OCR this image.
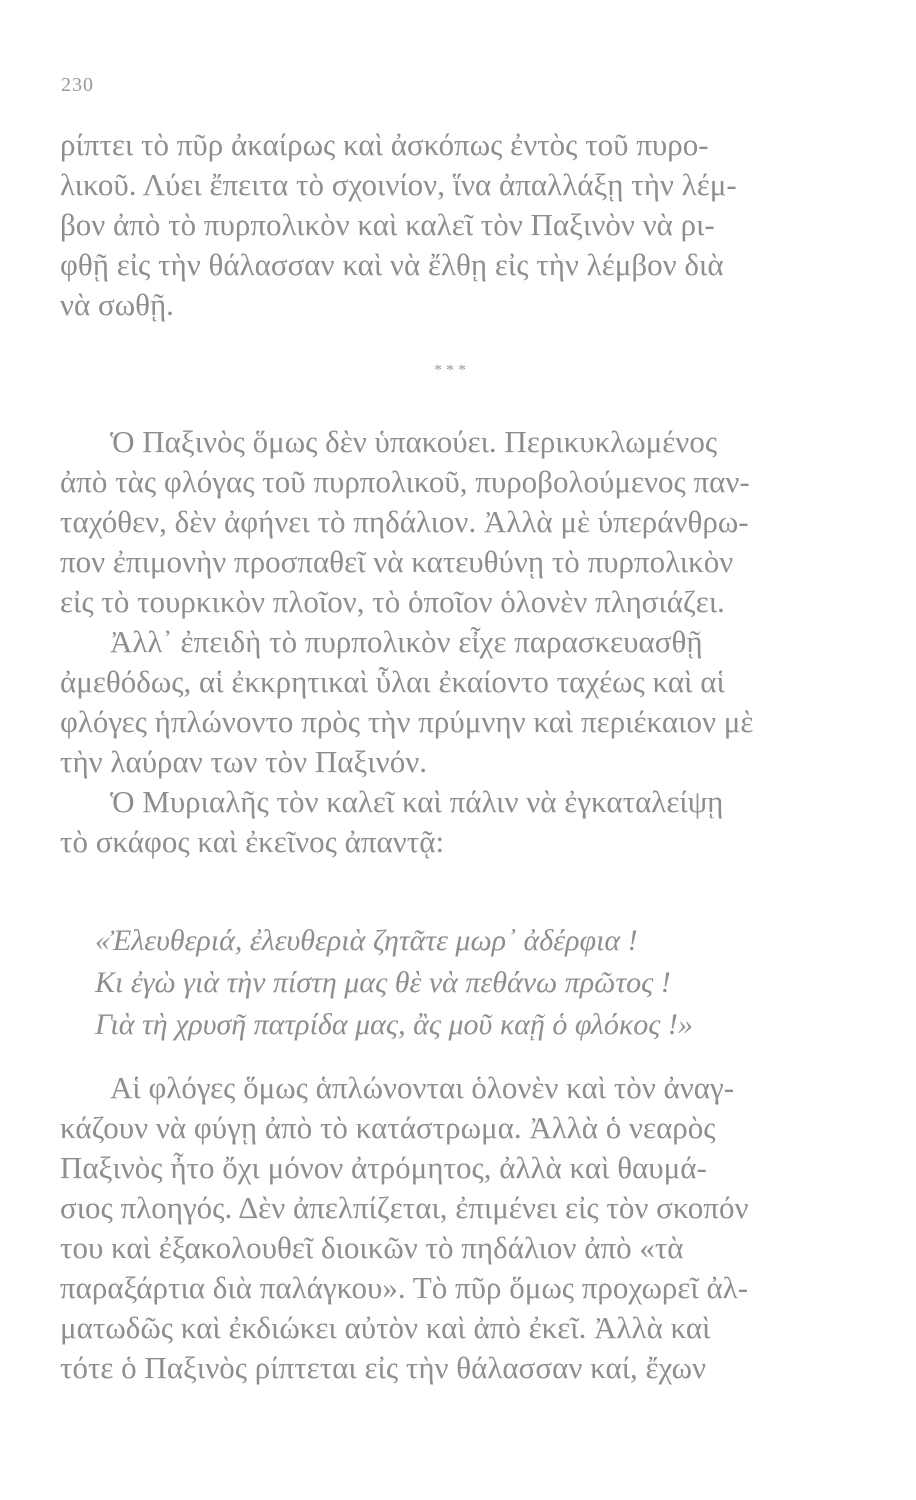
230
ρίπτει τὸ πῦρ ἀκαίρως καὶ ἀσκόπως ἐντὸς τοῦ πυρο-
λικοῦ. Λύει ἔπειτα τὸ σχοινίον, ἵνα ἀπαλλάξῃ τὴν λέμ-
βον ἀπὸ τὸ πυρπολικὸν καὶ καλεῖ τὸν Παξινὸν νὰ ρι-
φθῇ εἰς τὴν θάλασσαν καὶ νὰ ἔλθῃ εἰς τὴν λέμβον διὰ
νὰ σωθῇ.
* * *
Ὁ Παξινὸς ὅμως δὲν ὑπακούει. Περικυκλωμένος
ἀπὸ τὰς φλόγας τοῦ πυρπολικοῦ, πυροβολούμενος παν-
ταχόθεν, δὲν ἀφήνει τὸ πηδάλιον. Ἀλλὰ μὲ ὑπεράνθρω-
πον ἐπιμονὴν προσπαθεῖ νὰ κατευθύνῃ τὸ πυρπολικὸν
εἰς τὸ τουρκικὸν πλοῖον, τὸ ὁποῖον ὁλονὲν πλησιάζει.
Ἀλλ᾽ ἐπειδὴ τὸ πυρπολικὸν εἶχε παρασκευασθῇ
ἀμεθόδως, αἱ ἐκκρητικαὶ ὗλαι ἐκαίοντο ταχέως καὶ αἱ
φλόγες ἡπλώνοντο πρὸς τὴν πρύμνην καὶ περιέκαιον μὲ
τὴν λαύραν των τὸν Παξινόν.
Ὁ Μυριαλῆς τὸν καλεῖ καὶ πάλιν νὰ ἐγκαταλείψῃ
τὸ σκάφος καὶ ἐκεῖνος ἀπαντᾷ:
«Ἐλευθεριά, ἐλευθεριὰ ζητᾶτε μωρ᾽ ἀδέρφια !
Κι ἐγὼ γιὰ τὴν πίστη μας θὲ νὰ πεθάνω πρῶτος !
Γιὰ τὴ χρυσῆ πατρίδα μας, ἂς μοῦ καῇ ὁ φλόκος !»
Αἱ φλόγες ὅμως ἁπλώνονται ὁλονὲν καὶ τὸν ἀναγ-
κάζουν νὰ φύγῃ ἀπὸ τὸ κατάστρωμα. Ἀλλὰ ὁ νεαρὸς
Παξινὸς ἦτο ὄχι μόνον ἀτρόμητος, ἀλλὰ καὶ θαυμά-
σιος πλοηγός. Δὲν ἀπελπίζεται, ἐπιμένει εἰς τὸν σκοπόν
του καὶ ἐξακολουθεῖ διοικῶν τὸ πηδάλιον ἀπὸ «τὰ
παραξάρτια διὰ παλάγκου». Τὸ πῦρ ὅμως προχωρεῖ ἀλ-
ματωδῶς καὶ ἐκδιώκει αὐτὸν καὶ ἀπὸ ἐκεῖ. Ἀλλὰ καὶ
τότε ὁ Παξινὸς ρίπτεται εἰς τὴν θάλασσαν καί, ἔχων
